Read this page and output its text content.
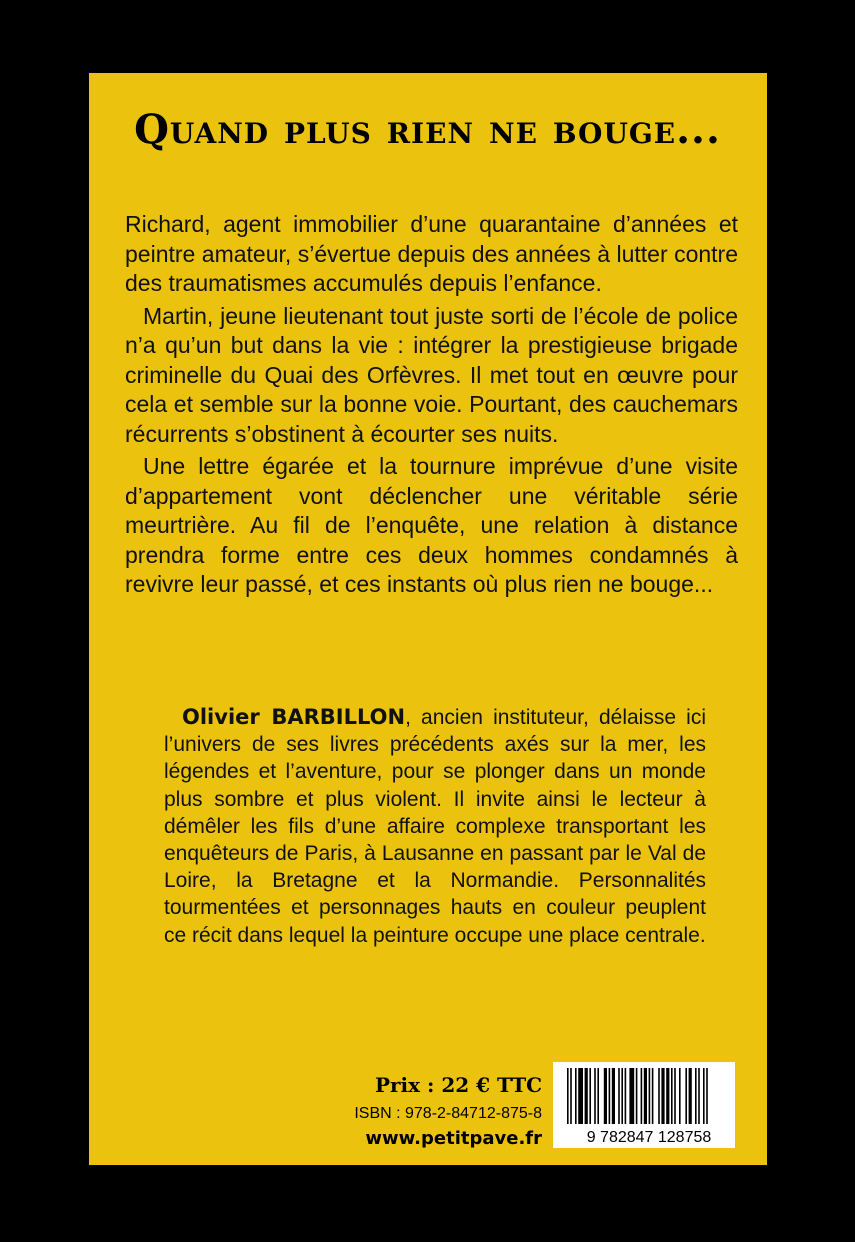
Quand plus rien ne bouge...

Richard, agent immobilier d’une quarantaine d’années et peintre amateur, s’évertue depuis des années à lutter contre des traumatismes accumulés depuis l’enfance.

Martin, jeune lieutenant tout juste sorti de l’école de police n’a qu’un but dans la vie : intégrer la prestigieuse brigade criminelle du Quai des Orfèvres. Il met tout en œuvre pour cela et semble sur la bonne voie. Pourtant, des cauchemars récurrents s’obstinent à écourter ses nuits.

Une lettre égarée et la tournure imprévue d’une visite d’appartement vont déclencher une véritable série meurtrière. Au fil de l’enquête, une relation à distance prendra forme entre ces deux hommes condamnés à revivre leur passé, et ces instants où plus rien ne bouge...

Olivier BARBILLON, ancien instituteur, délaisse ici l’univers de ses livres précédents axés sur la mer, les légendes et l’aventure, pour se plonger dans un monde plus sombre et plus violent. Il invite ainsi le lecteur à démêler les fils d’une affaire complexe transportant les enquêteurs de Paris, à Lausanne en passant par le Val de Loire, la Bretagne et la Normandie. Personnalités tourmentées et personnages hauts en couleur peuplent ce récit dans lequel la peinture occupe une place centrale.

Prix : 22 € TTC
ISBN : 978-2-84712-875-8
www.petitpave.fr	9 782847 128758
